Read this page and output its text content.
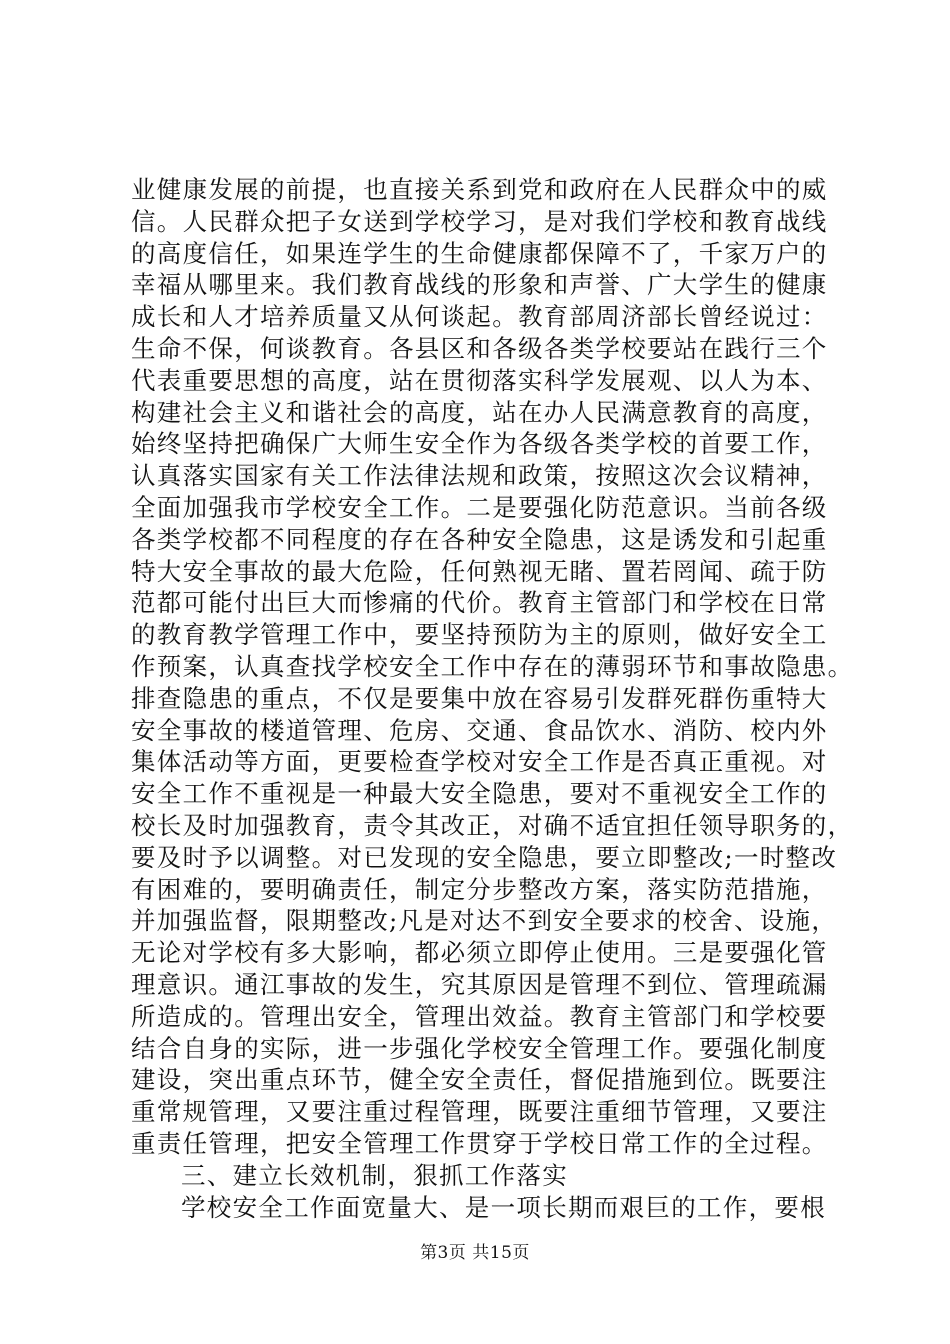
业健康发展的前提，也直接关系到党和政府在人民群众中的威
信。人民群众把子女送到学校学习，是对我们学校和教育战线
的高度信任，如果连学生的生命健康都保障不了，千家万户的
幸福从哪里来。我们教育战线的形象和声誉、广大学生的健康
成长和人才培养质量又从何谈起。教育部周济部长曾经说过：
生命不保，何谈教育。各县区和各级各类学校要站在践行三个
代表重要思想的高度，站在贯彻落实科学发展观、以人为本、
构建社会主义和谐社会的高度，站在办人民满意教育的高度，
始终坚持把确保广大师生安全作为各级各类学校的首要工作，
认真落实国家有关工作法律法规和政策，按照这次会议精神，
全面加强我市学校安全工作。二是要强化防范意识。当前各级
各类学校都不同程度的存在各种安全隐患，这是诱发和引起重
特大安全事故的最大危险，任何熟视无睹、置若罔闻、疏于防
范都可能付出巨大而惨痛的代价。教育主管部门和学校在日常
的教育教学管理工作中，要坚持预防为主的原则，做好安全工
作预案，认真查找学校安全工作中存在的薄弱环节和事故隐患。
排查隐患的重点，不仅是要集中放在容易引发群死群伤重特大
安全事故的楼道管理、危房、交通、食品饮水、消防、校内外
集体活动等方面，更要检查学校对安全工作是否真正重视。对
安全工作不重视是一种最大安全隐患，要对不重视安全工作的
校长及时加强教育，责令其改正，对确不适宜担任领导职务的，
要及时予以调整。对已发现的安全隐患，要立即整改;一时整改
有困难的，要明确责任，制定分步整改方案，落实防范措施，
并加强监督，限期整改;凡是对达不到安全要求的校舍、设施，
无论对学校有多大影响，都必须立即停止使用。三是要强化管
理意识。通江事故的发生，究其原因是管理不到位、管理疏漏
所造成的。管理出安全，管理出效益。教育主管部门和学校要
结合自身的实际，进一步强化学校安全管理工作。要强化制度
建设，突出重点环节，健全安全责任，督促措施到位。既要注
重常规管理，又要注重过程管理，既要注重细节管理，又要注
重责任管理，把安全管理工作贯穿于学校日常工作的全过程。
三、建立长效机制，狠抓工作落实
学校安全工作面宽量大、是一项长期而艰巨的工作，要根
第3页 共15页
